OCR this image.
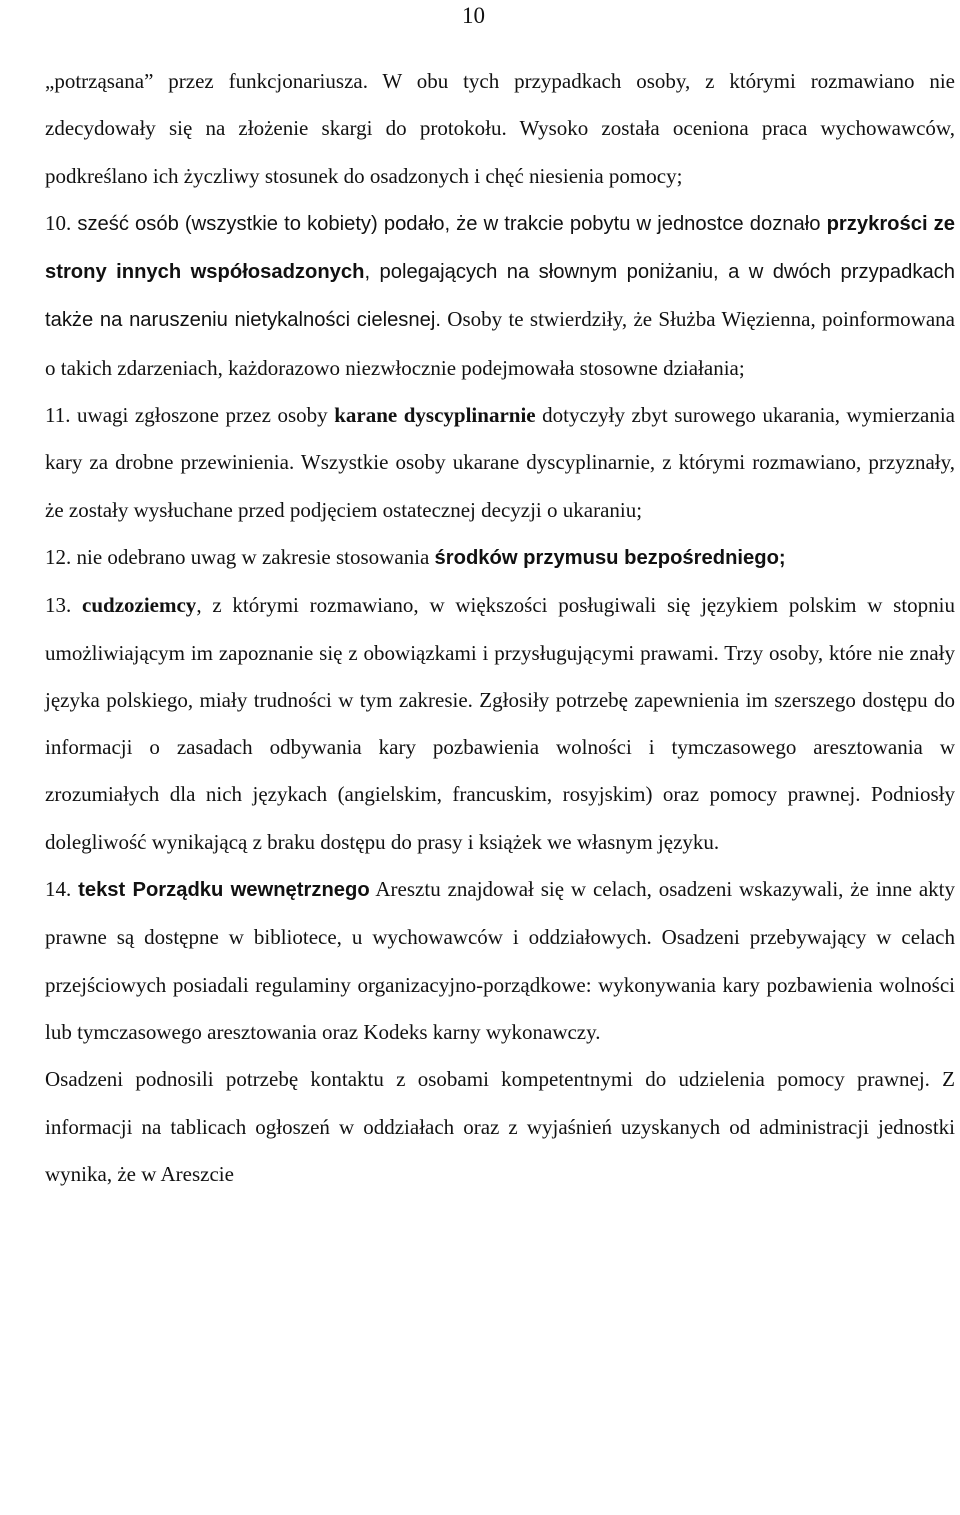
10

„potrząsana” przez funkcjonariusza. W obu tych przypadkach osoby, z którymi rozmawiano nie zdecydowały się na złożenie skargi do protokołu. Wysoko została oceniona praca wychowawców, podkreślano ich życzliwy stosunek do osadzonych i chęć niesienia pomocy;

10. sześć osób (wszystkie to kobiety) podało, że w trakcie pobytu w jednostce doznało przykrości ze strony innych współosadzonych, polegających na słownym poniżaniu, a w dwóch przypadkach także na naruszeniu nietykalności cielesnej. Osoby te stwierdziły, że Służba Więzienna, poinformowana o takich zdarzeniach, każdorazowo niezwłocznie podejmowała stosowne działania;

11. uwagi zgłoszone przez osoby karane dyscyplinarnie dotyczyły zbyt surowego ukarania, wymierzania kary za drobne przewinienia. Wszystkie osoby ukarane dyscyplinarnie, z którymi rozmawiano, przyznały, że zostały wysłuchane przed podjęciem ostatecznej decyzji o ukaraniu;

12. nie odebrano uwag w zakresie stosowania środków przymusu bezpośredniego;

13. cudzoziemcy, z którymi rozmawiano, w większości posługiwali się językiem polskim w stopniu umożliwiającym im zapoznanie się z obowiązkami i przysługującymi prawami. Trzy osoby, które nie znały języka polskiego, miały trudności w tym zakresie. Zgłosiły potrzebę zapewnienia im szerszego dostępu do informacji o zasadach odbywania kary pozbawienia wolności i tymczasowego aresztowania w zrozumiałych dla nich językach (angielskim, francuskim, rosyjskim) oraz pomocy prawnej. Podniosły dolegliwość wynikającą z braku dostępu do prasy i książek we własnym języku.

14. tekst Porządku wewnętrznego Aresztu znajdował się w celach, osadzeni wskazywali, że inne akty prawne są dostępne w bibliotece, u wychowawców i oddziałowych. Osadzeni przebywający w celach przejściowych posiadali regulaminy organizacyjno-porządkowe: wykonywania kary pozbawienia wolności lub tymczasowego aresztowania oraz Kodeks karny wykonawczy.

Osadzeni podnosili potrzebę kontaktu z osobami kompetentnymi do udzielenia pomocy prawnej. Z informacji na tablicach ogłoszeń w oddziałach oraz z wyjaśnień uzyskanych od administracji jednostki wynika, że w Areszcie
